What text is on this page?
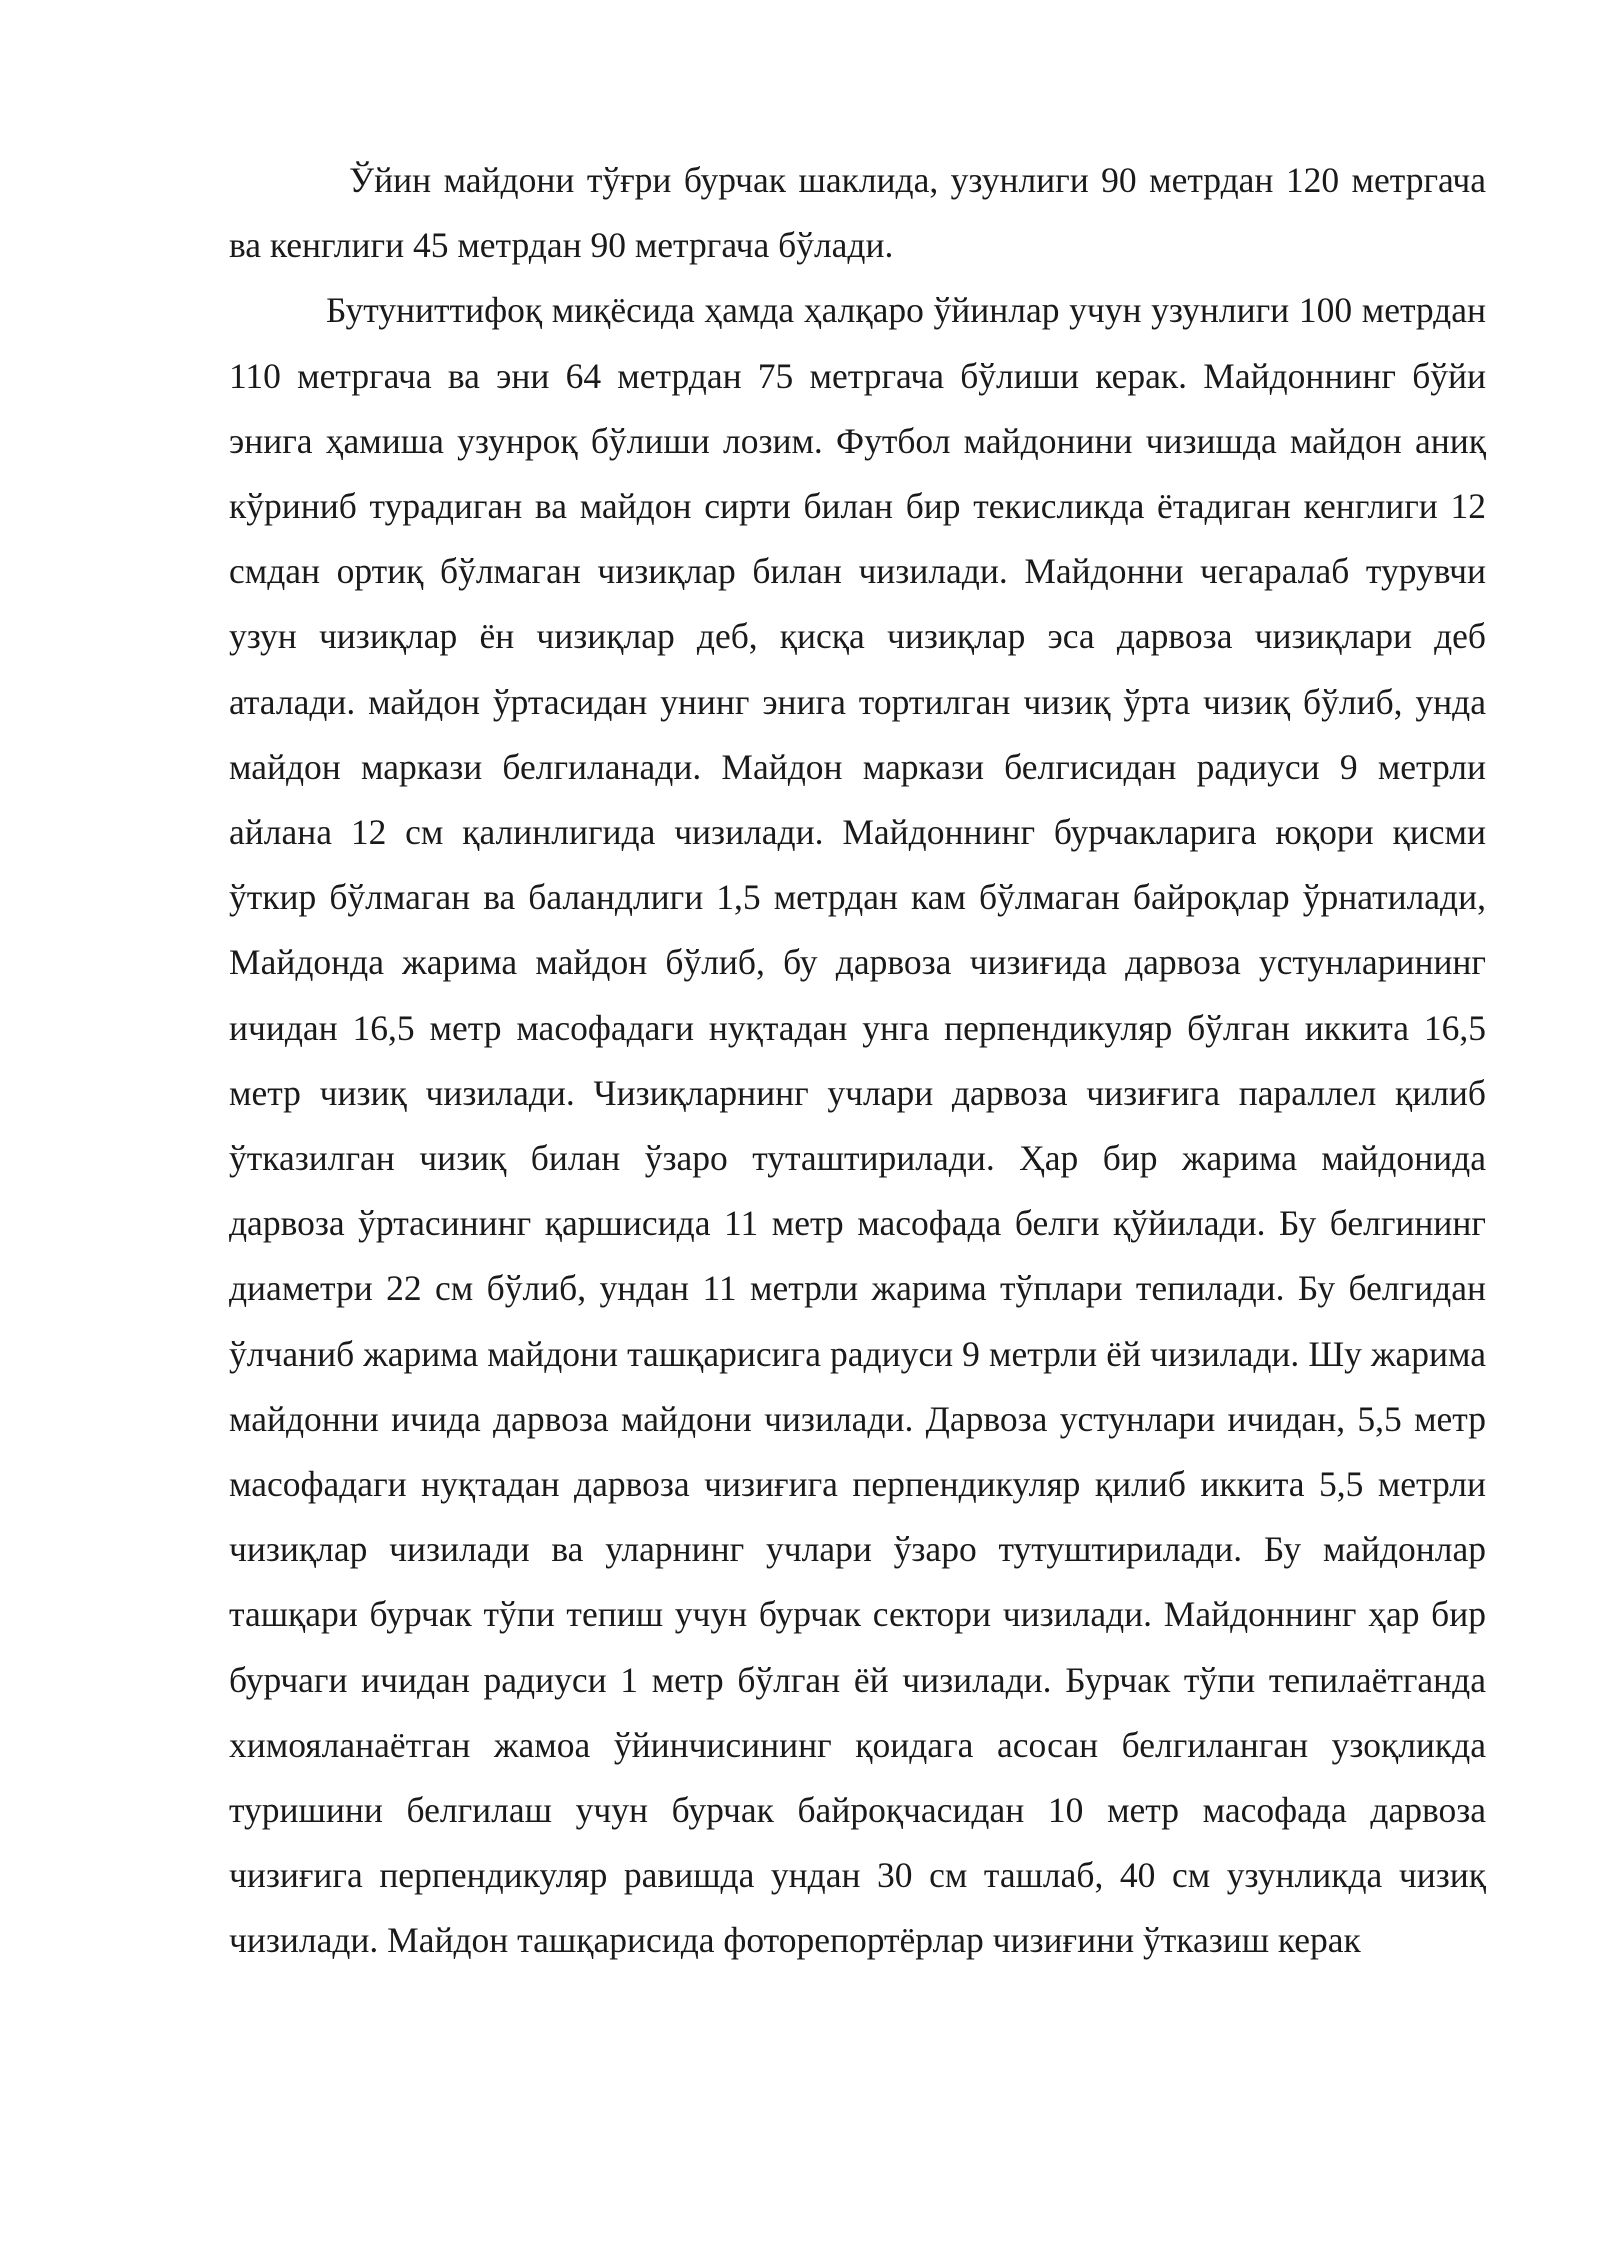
Ўйин майдони тўғри бурчак шаклида, узунлиги 90 метрдан 120 метргача ва кенглиги 45 метрдан 90 метргача бўлади.

Бутуниттифоқ миқёсида ҳамда ҳалқаро ўйинлар учун узунлиги 100 метрдан 110 метргача ва эни 64 метрдан 75 метргача бўлиши керак. Майдоннинг бўйи энига ҳамиша узунроқ бўлиши лозим. Футбол майдонини чизишда майдон аниқ кўриниб турадиган ва майдон сирти билан бир текисликда ётадиган кенглиги 12 смдан ортиқ бўлмаган чизиқлар билан чизилади. Майдонни чегаралаб турувчи узун чизиқлар ён чизиқлар деб, қисқа чизиқлар эса дарвоза чизиқлари деб аталади. майдон ўртасидан унинг энига тортилган чизиқ ўрта чизиқ бўлиб, унда майдон маркази белгиланади. Майдон маркази белгисидан радиуси 9 метрли айлана 12 см қалинлигида чизилади. Майдоннинг бурчакларига юқори қисми ўткир бўлмаган ва баландлиги 1,5 метрдан кам бўлмаган байроқлар ўрнатилади, Майдонда жарима майдон бўлиб, бу дарвоза чизиғида дарвоза устунларининг ичидан 16,5 метр масофадаги нуқтадан унга перпендикуляр бўлган иккита 16,5 метр чизиқ чизилади. Чизиқларнинг учлари дарвоза чизиғига параллел қилиб ўтказилган чизиқ билан ўзаро туташтирилади. Ҳар бир жарима майдонида дарвоза ўртасининг қаршисида 11 метр масофада белги қўйилади. Бу белгининг диаметри 22 см бўлиб, ундан 11 метрли жарима тўплари тепилади. Бу белгидан ўлчаниб жарима майдони ташқарисига радиуси 9 метрли ёй чизилади. Шу жарима майдонни ичида дарвоза майдони чизилади. Дарвоза устунлари ичидан, 5,5 метр масофадаги нуқтадан дарвоза чизиғига перпендикуляр қилиб иккита 5,5 метрли чизиқлар чизилади ва уларнинг учлари ўзаро тутуштирилади. Бу майдонлар ташқари бурчак тўпи тепиш учун бурчак сектори чизилади. Майдоннинг ҳар бир бурчаги ичидан радиуси 1 метр бўлган ёй чизилади. Бурчак тўпи тепилаётганда химояланаётган жамоа ўйинчисининг қоидага асосан белгиланган узоқликда туришини белгилаш учун бурчак байроқчасидан 10 метр масофада дарвоза чизиғига перпендикуляр равишда ундан 30 см ташлаб, 40 см узунликда чизиқ чизилади. Майдон ташқарисида фоторепортёрлар чизиғини ўтказиш керак
